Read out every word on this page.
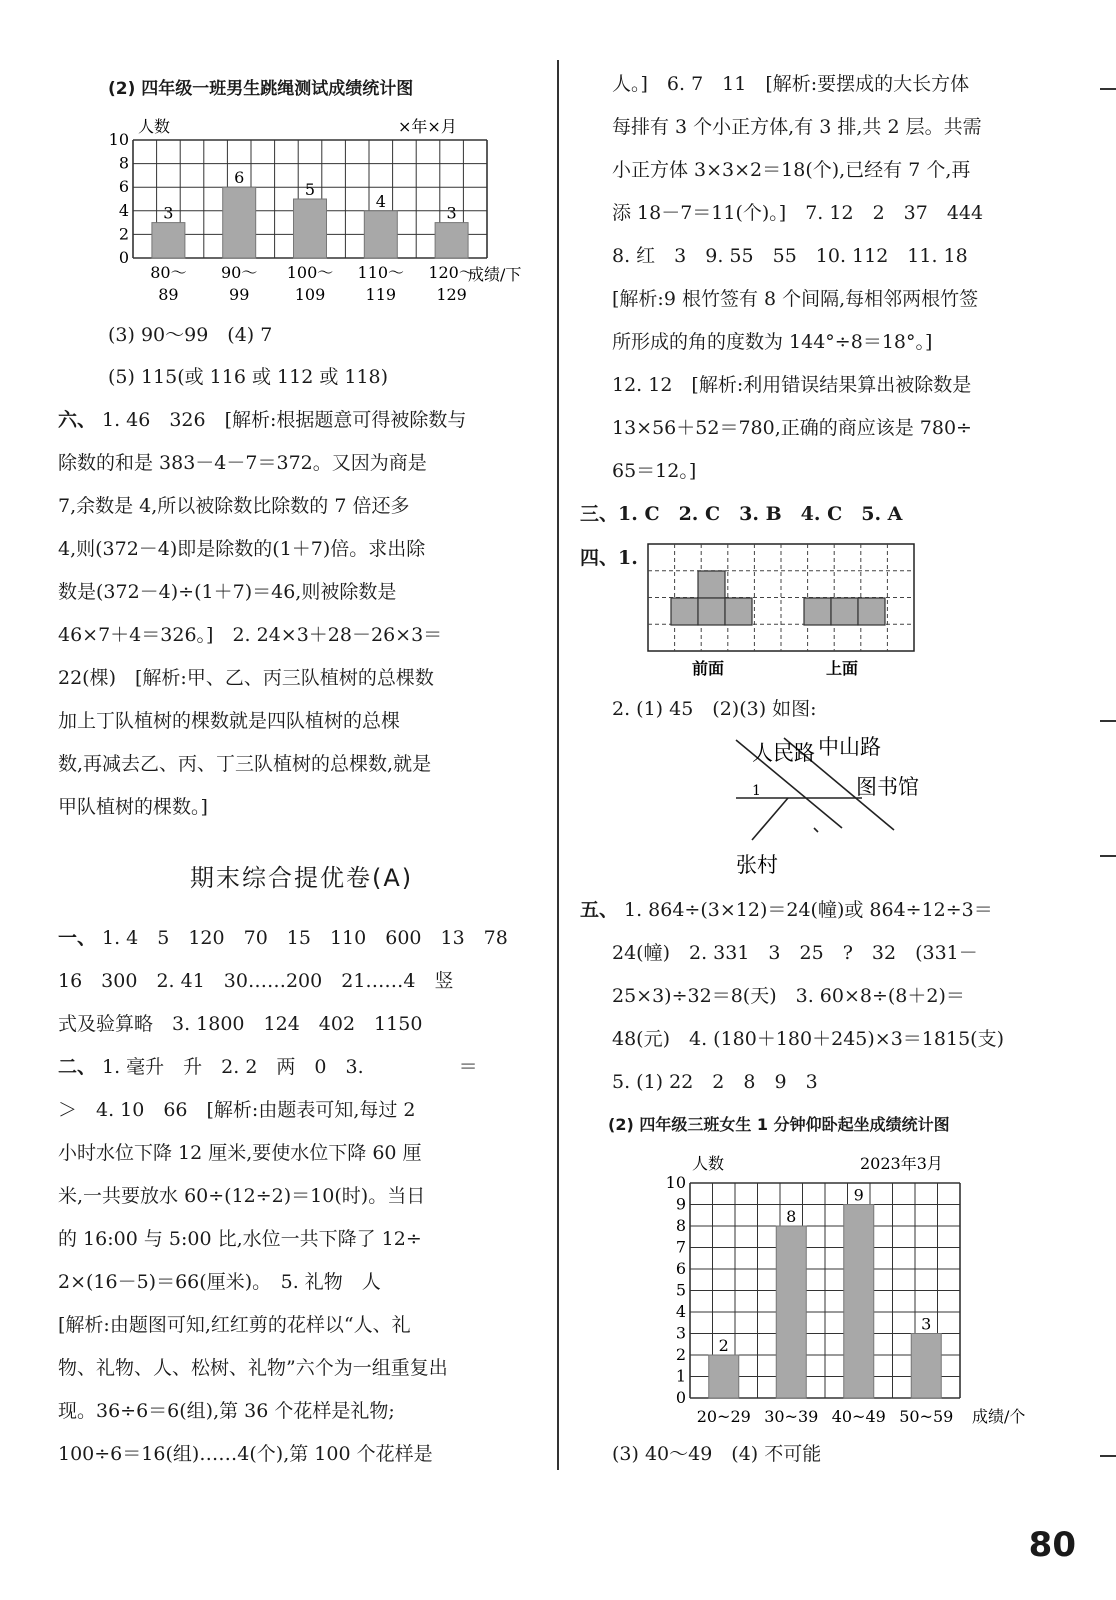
(2) 四年级一班男生跳绳测试成绩统计图
0
2
4
6
8
10
人数	×年×月
成绩/下
3
80～
89
6
90～
99
5
100～
109
4
110～
119
3
120～
129
(3) 90～99　(4) 7
(5) 115(或 116 或 112 或 118)
六、 1. 46　326　[解析:根据题意可得被除数与
除数的和是 383－4－7＝372。又因为商是
7,余数是 4,所以被除数比除数的 7 倍还多
4,则(372－4)即是除数的(1＋7)倍。求出除
数是(372－4)÷(1＋7)＝46,则被除数是
46×7＋4＝326。]　2. 24×3＋28－26×3＝
22(棵)　[解析:甲、乙、丙三队植树的总棵数
加上丁队植树的棵数就是四队植树的总棵
数,再减去乙、丙、丁三队植树的总棵数,就是
甲队植树的棵数。]
期末综合提优卷(A)
一、 1. 4　5　120　70　15　110　600　13　78
16　300　2. 41　30……200　21……4　竖
式及验算略　3. 1800　124　402　1150
二、 1. 毫升　升　2. 2　两　0　3.　　　　　＝
＞　4. 10　66　[解析:由题表可知,每过 2
小时水位下降 12 厘米,要使水位下降 60 厘
米,一共要放水 60÷(12÷2)＝10(时)。当日
的 16:00 与 5:00 比,水位一共下降了 12÷
2×(16－5)＝66(厘米)。　5. 礼物　人
[解析:由题图可知,红红剪的花样以“人、礼
物、礼物、人、松树、礼物”六个为一组重复出
现。36÷6＝6(组),第 36 个花样是礼物;
100÷6＝16(组)……4(个),第 100 个花样是
人。]　6. 7　11　[解析:要摆成的大长方体
每排有 3 个小正方体,有 3 排,共 2 层。共需
小正方体 3×3×2＝18(个),已经有 7 个,再
添 18－7＝11(个)。]　7. 12　2　37　444
8. 红　3　9. 55　55　10. 112　11. 18
[解析:9 根竹签有 8 个间隔,每相邻两根竹签
所形成的角的度数为 144°÷8＝18°。]
12. 12　[解析:利用错误结果算出被除数是
13×56＋52＝780,正确的商应该是 780÷
65＝12。]
三、1. C　2. C　3. B　4. C　5. A
四、1.
前面	上面
2. (1) 45　(2)(3) 如图:
1
人民路 中山路
图书馆
张村
五、 1. 864÷(3×12)＝24(幢)或 864÷12÷3＝
24(幢)　2. 331　3　25　?　32　(331－
25×3)÷32＝8(天)　3. 60×8÷(8＋2)＝
48(元)　4. (180＋180＋245)×3＝1815(支)
5. (1) 22　2　8　9　3
(2) 四年级三班女生 1 分钟仰卧起坐成绩统计图
0
1
2
3
4
5
6
7
8
9
10
人数	2023年3月
成绩/个
2
20~29
8
30~39
9
40~49
3
50~59
(3) 40～49　(4) 不可能
80
